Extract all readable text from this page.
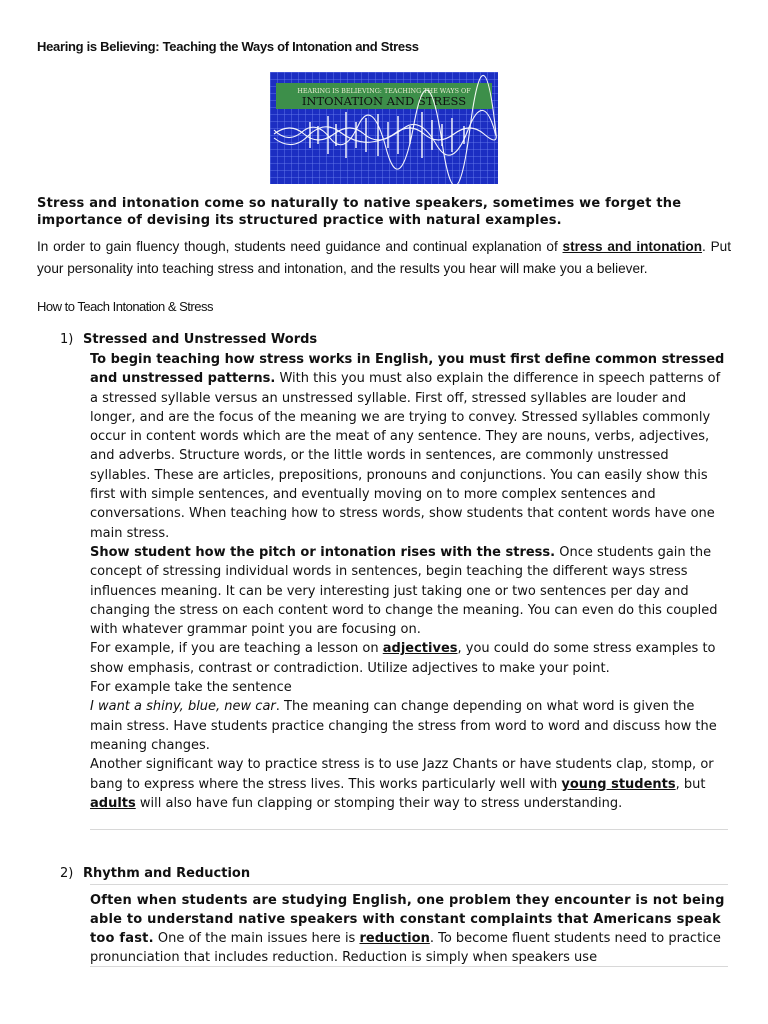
Hearing is Believing: Teaching the Ways of Intonation and Stress
HEARING IS BELIEVING: TEACHING THE WAYS OF
INTONATION AND STRESS
Stress and intonation come so naturally to native speakers, sometimes we forget the importance of devising its structured practice with natural examples.
In order to gain fluency though, students need guidance and continual explanation of stress and intonation. Put your personality into teaching stress and intonation, and the results you hear will make you a believer.
How to Teach Intonation & Stress
1) Stressed and Unstressed Words

To begin teaching how stress works in English, you must first define common stressed and unstressed patterns. With this you must also explain the difference in speech patterns of a stressed syllable versus an unstressed syllable. First off, stressed syllables are louder and longer, and are the focus of the meaning we are trying to convey. Stressed syllables commonly occur in content words which are the meat of any sentence. They are nouns, verbs, adjectives, and adverbs. Structure words, or the little words in sentences, are commonly unstressed syllables. These are articles, prepositions, pronouns and conjunctions. You can easily show this first with simple sentences, and eventually moving on to more complex sentences and conversations. When teaching how to stress words, show students that content words have one main stress.

Show student how the pitch or intonation rises with the stress. Once students gain the concept of stressing individual words in sentences, begin teaching the different ways stress influences meaning. It can be very interesting just taking one or two sentences per day and changing the stress on each content word to change the meaning. You can even do this coupled with whatever grammar point you are focusing on.

For example, if you are teaching a lesson on adjectives, you could do some stress examples to show emphasis, contrast or contradiction. Utilize adjectives to make your point.

For example take the sentence

I want a shiny, blue, new car. The meaning can change depending on what word is given the main stress. Have students practice changing the stress from word to word and discuss how the meaning changes.

Another significant way to practice stress is to use Jazz Chants or have students clap, stomp, or bang to express where the stress lives. This works particularly well with young students, but adults will also have fun clapping or stomping their way to stress understanding.

2) Rhythm and Reduction

Often when students are studying English, one problem they encounter is not being able to understand native speakers with constant complaints that Americans speak too fast. One of the main issues here is reduction. To become fluent students need to practice pronunciation that includes reduction. Reduction is simply when speakers use
